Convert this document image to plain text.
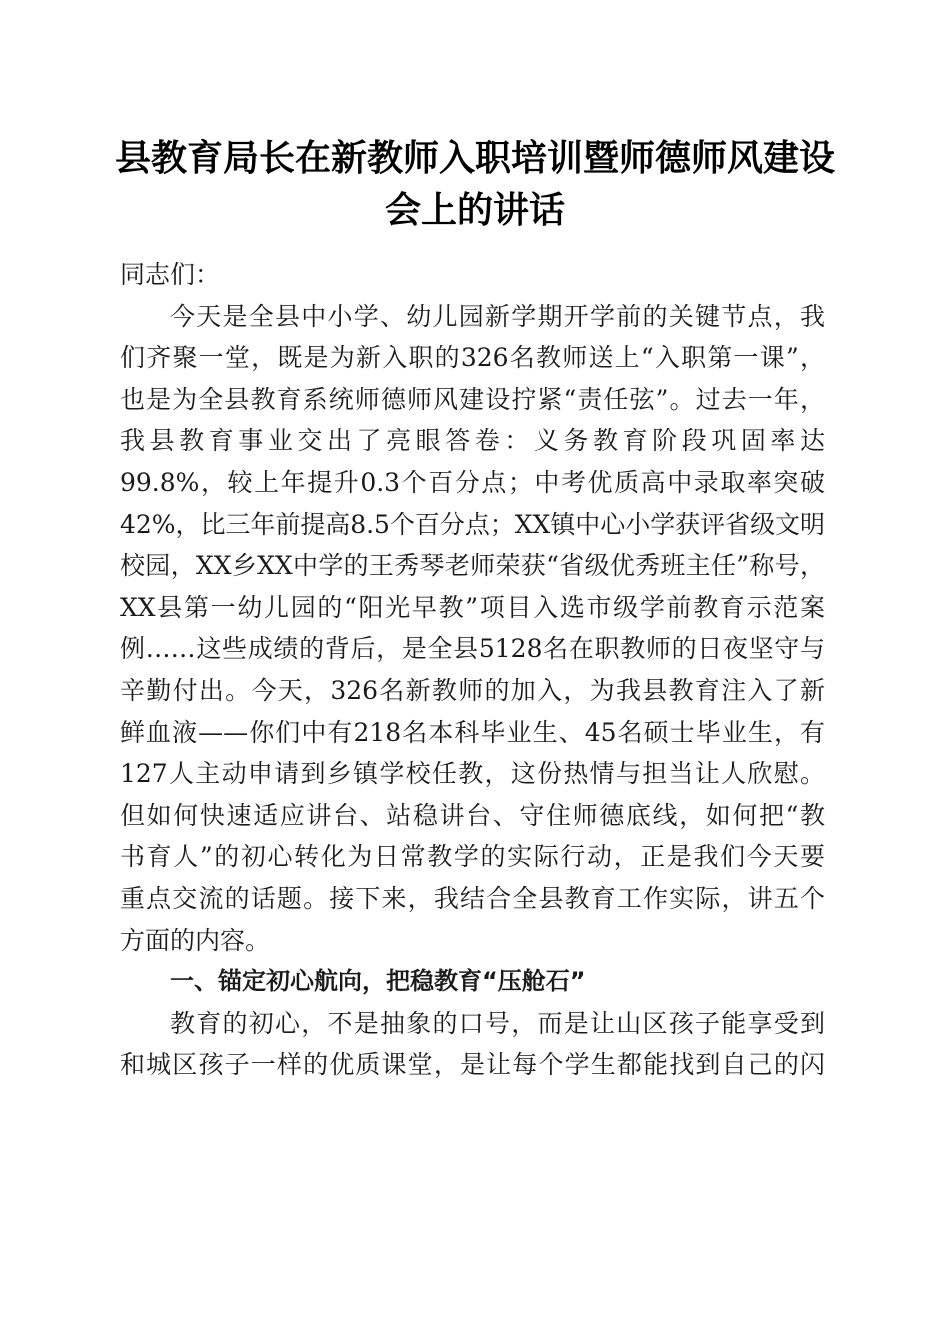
县教育局长在新教师入职培训暨师德师风建设
会上的讲话

同志们：

今天是全县中小学、幼儿园新学期开学前的关键节点，我
们齐聚一堂，既是为新入职的326名教师送上“入职第一课”，
也是为全县教育系统师德师风建设拧紧“责任弦”。过去一年，
我县教育事业交出了亮眼答卷：义务教育阶段巩固率达
99.8%，较上年提升0.3个百分点；中考优质高中录取率突破
42%，比三年前提高8.5个百分点；XX镇中心小学获评省级文明
校园，XX乡XX中学的王秀琴老师荣获“省级优秀班主任”称号，
XX县第一幼儿园的“阳光早教”项目入选市级学前教育示范案
例……这些成绩的背后，是全县5128名在职教师的日夜坚守与
辛勤付出。今天，326名新教师的加入，为我县教育注入了新
鲜血液——你们中有218名本科毕业生、45名硕士毕业生，有
127人主动申请到乡镇学校任教，这份热情与担当让人欣慰。
但如何快速适应讲台、站稳讲台、守住师德底线，如何把“教
书育人”的初心转化为日常教学的实际行动，正是我们今天要
重点交流的话题。接下来，我结合全县教育工作实际，讲五个
方面的内容。

一、锚定初心航向，把稳教育“压舱石”

教育的初心，不是抽象的口号，而是让山区孩子能享受到
和城区孩子一样的优质课堂，是让每个学生都能找到自己的闪
